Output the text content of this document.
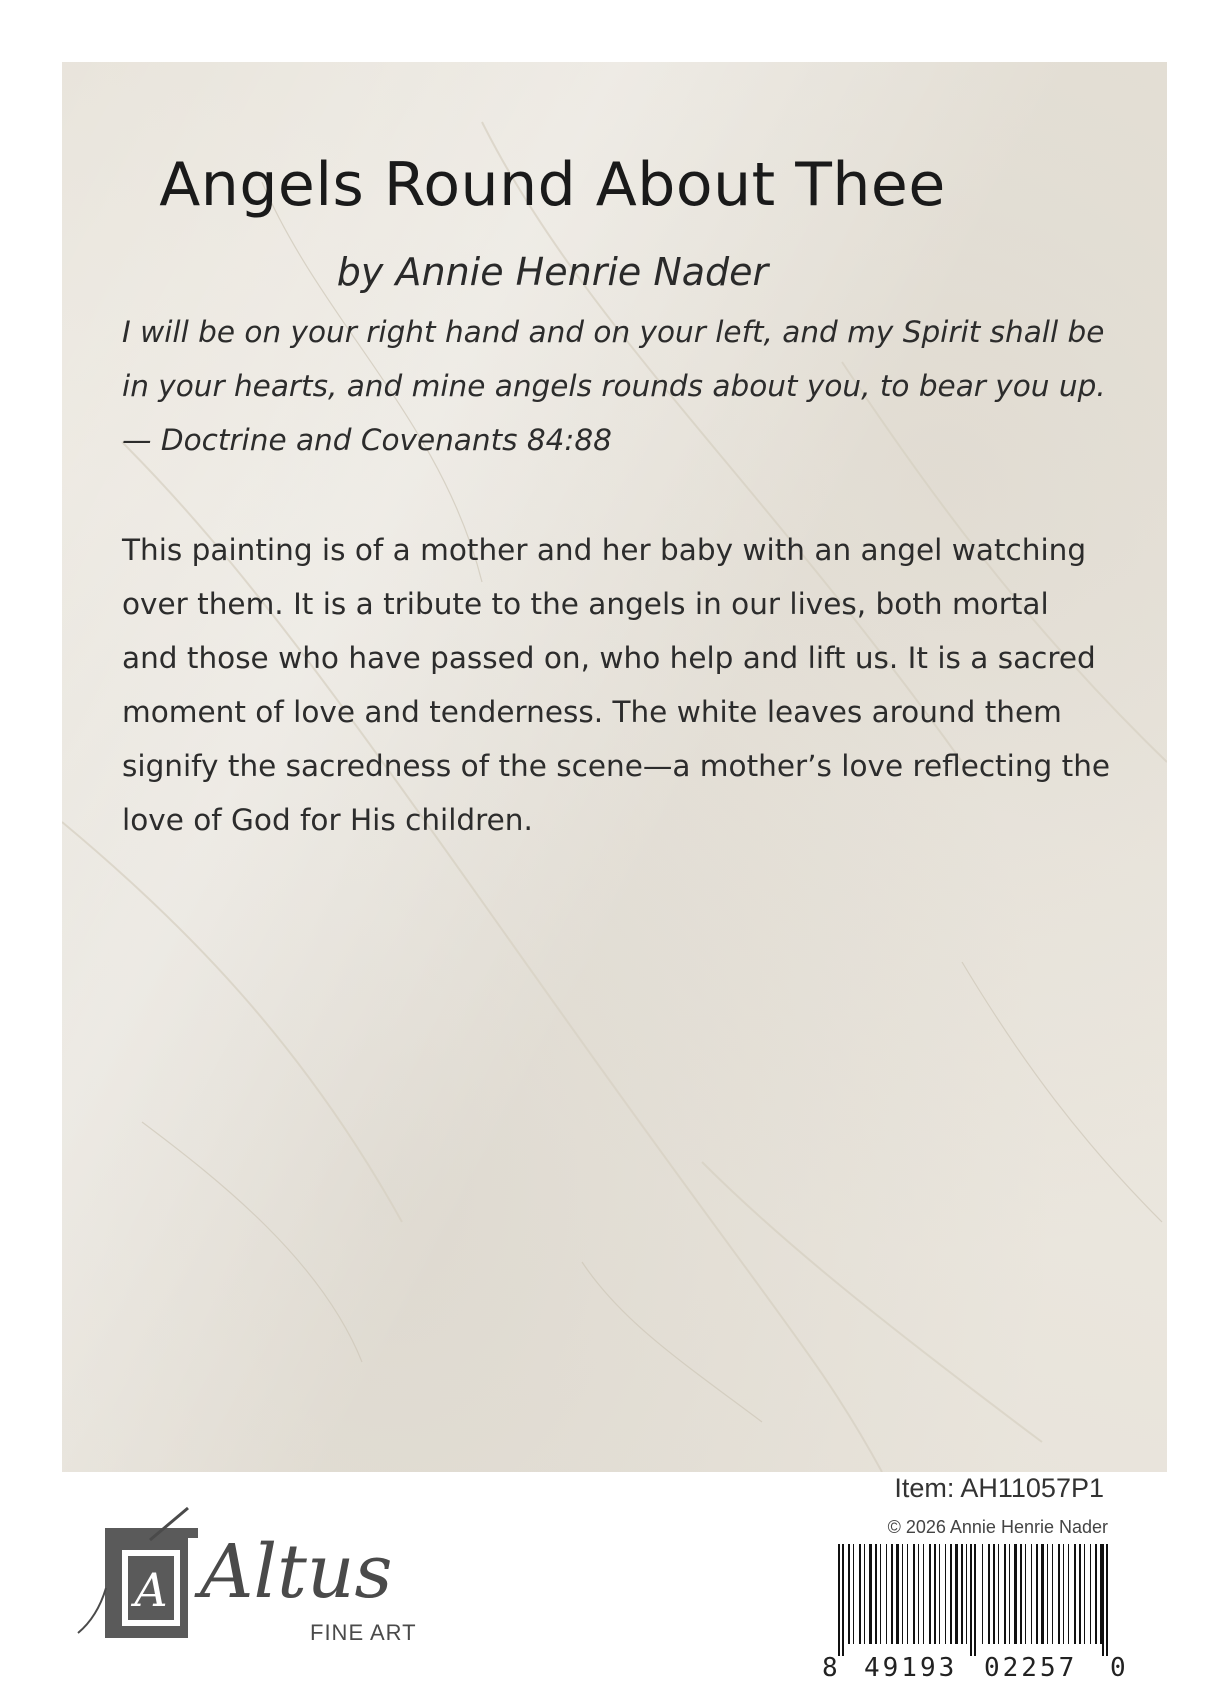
Angels Round About Thee
by Annie Henrie Nader
I will be on your right hand and on your left, and my Spirit shall be in your hearts, and mine angels rounds about you, to bear you up. — Doctrine and Covenants 84:88
This painting is of a mother and her baby with an angel watching over them. It is a tribute to the angels in our lives, both mortal and those who have passed on, who help and lift us. It is a sacred moment of love and tenderness. The white leaves around them signify the sacredness of the scene—a mother’s love reflecting the love of God for His children.
A Altus
FINE ART
Item: AH11057P1
© 2026 Annie Henrie Nader
8 49193 02257 0
